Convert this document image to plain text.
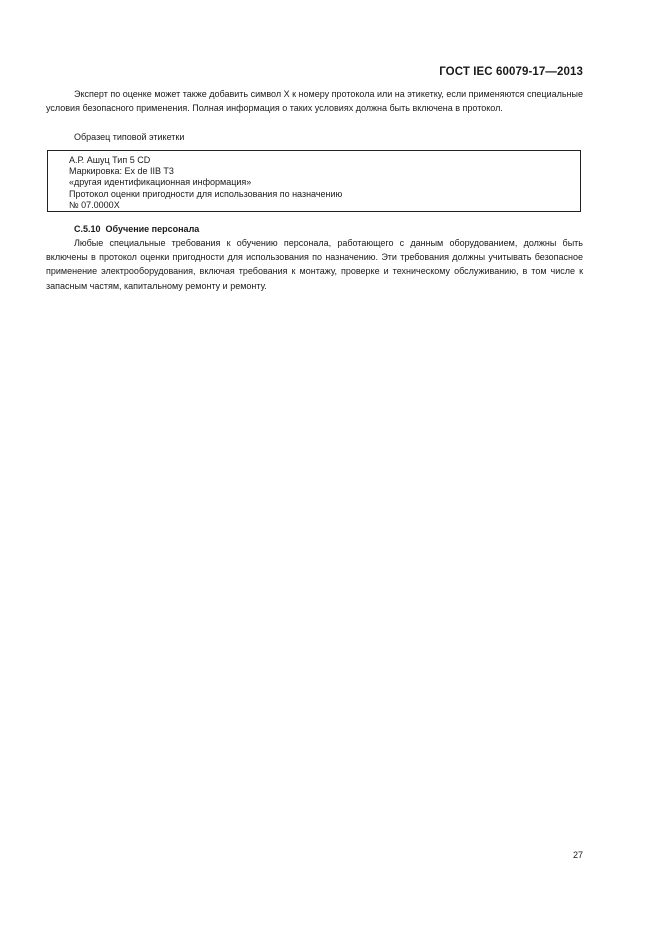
ГОСТ IEC 60079-17—2013

Эксперт по оценке может также добавить символ X к номеру протокола или на этикетку, если применяются специальные условия безопасного применения. Полная информация о таких условиях должна быть включена в протокол.

Образец типовой этикетки

А.Р. Ашуц Тип 5 CD
Маркировка: Ex de IIB T3
«другая идентификационная информация»
Протокол оценки пригодности для использования по назначению
№ 07.0000X
С.5.10 Обучение персонала

Любые специальные требования к обучению персонала, работающего с данным оборудованием, должны быть включены в протокол оценки пригодности для использования по назначению. Эти требования должны учитывать безопасное применение электрооборудования, включая требования к монтажу, проверке и техническому обслуживанию, в том числе к запасным частям, капитальному ремонту и ремонту.

27
